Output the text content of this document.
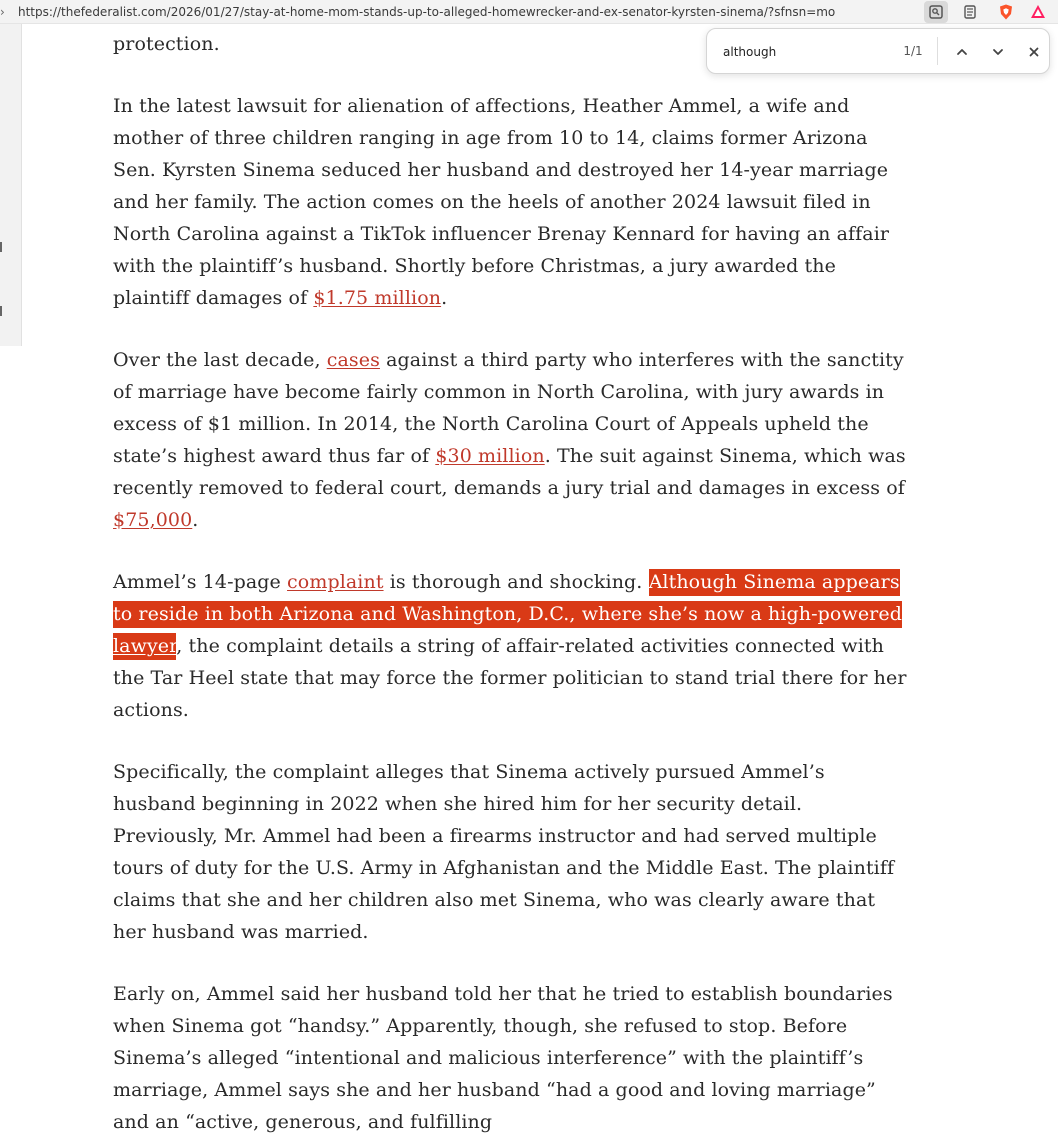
›	https://thefederalist.com/2026/01/27/stay-at-home-mom-stands-up-to-alleged-homewrecker-and-ex-senator-kyrsten-sinema/?sfnsn=mo
although
1/1

protection.

In the latest lawsuit for alienation of affections, Heather Ammel, a wife and mother of three children ranging in age from 10 to 14, claims former Arizona Sen. Kyrsten Sinema seduced her husband and destroyed her 14-year marriage and her family. The action comes on the heels of another 2024 lawsuit filed in North Carolina against a TikTok influencer Brenay Kennard for having an affair with the plaintiff’s husband. Shortly before Christmas, a jury awarded the plaintiff damages of $1.75 million.

Over the last decade, cases against a third party who interferes with the sanctity of marriage have become fairly common in North Carolina, with jury awards in excess of $1 million. In 2014, the North Carolina Court of Appeals upheld the state’s highest award thus far of $30 million. The suit against Sinema, which was recently removed to federal court, demands a jury trial and damages in excess of $75,000.

Ammel’s 14-page complaint is thorough and shocking. Although Sinema appears to reside in both Arizona and Washington, D.C., where she’s now a high-powered lawyer, the complaint details a string of affair-related activities connected with the Tar Heel state that may force the former politician to stand trial there for her actions.

Specifically, the complaint alleges that Sinema actively pursued Ammel’s husband beginning in 2022 when she hired him for her security detail. Previously, Mr. Ammel had been a firearms instructor and had served multiple tours of duty for the U.S. Army in Afghanistan and the Middle East. The plaintiff claims that she and her children also met Sinema, who was clearly aware that her husband was married.

Early on, Ammel said her husband told her that he tried to establish boundaries when Sinema got “handsy.” Apparently, though, she refused to stop. Before Sinema’s alleged “intentional and malicious interference” with the plaintiff’s marriage, Ammel says she and her husband “had a good and loving marriage” and an “active, generous, and fulfilling
